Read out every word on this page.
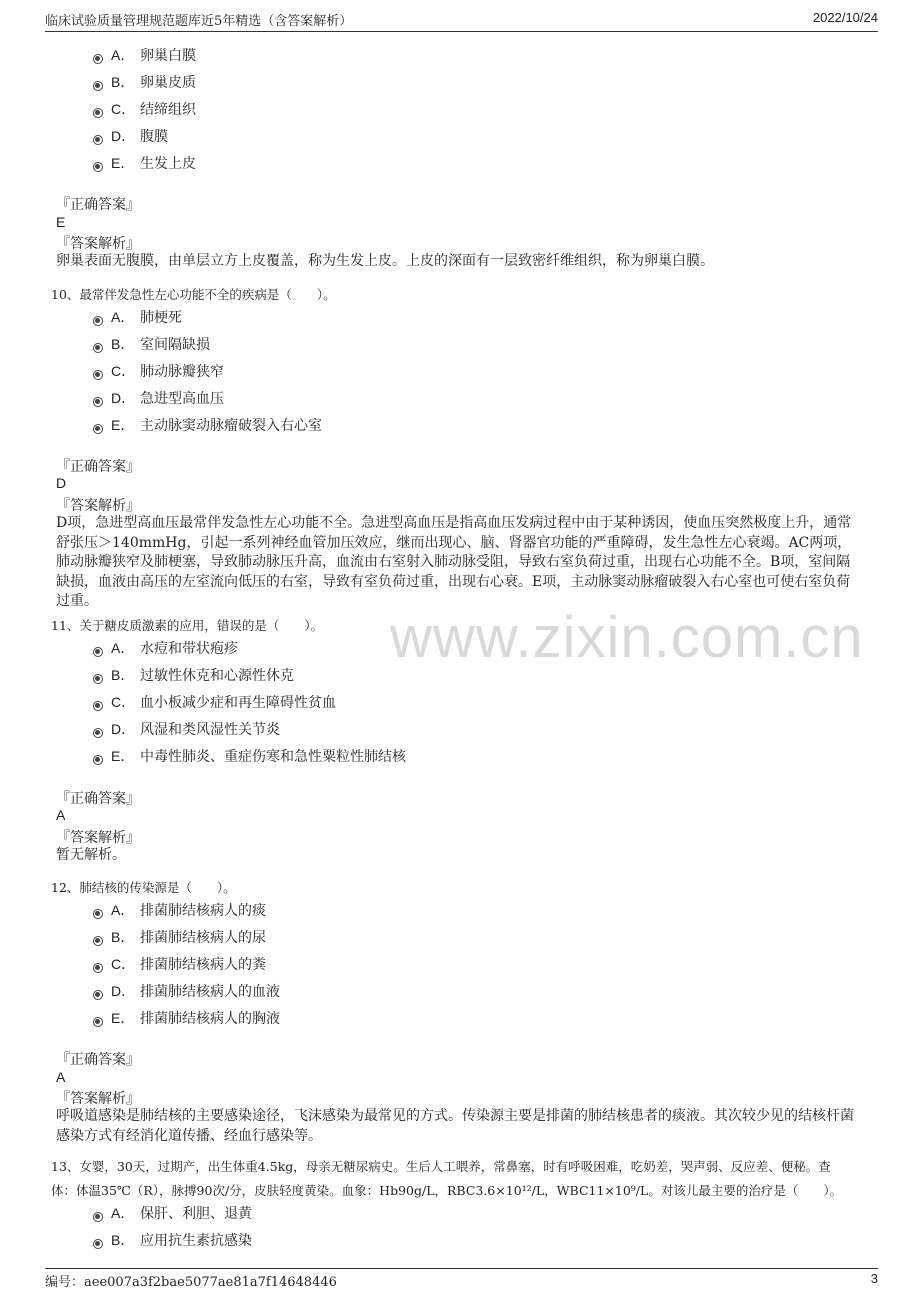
临床试验质量管理规范题库近5年精选（含答案解析）	2022/10/24
www.zixin.com.cn
A． 卵巢白膜
B． 卵巢皮质
C． 结缔组织
D． 腹膜
E． 生发上皮
『正确答案』
E
『答案解析』
卵巢表面无腹膜，由单层立方上皮覆盖，称为生发上皮。上皮的深面有一层致密纤维组织，称为卵巢白膜。
10、最常伴发急性左心功能不全的疾病是（　　）。
A． 肺梗死
B． 室间隔缺损
C． 肺动脉瓣狭窄
D． 急进型高血压
E． 主动脉窦动脉瘤破裂入右心室
『正确答案』
D
『答案解析』
D项，急进型高血压最常伴发急性左心功能不全。急进型高血压是指高血压发病过程中由于某种诱因，使血压突然极度上升，通常舒张压＞140mmHg，引起一系列神经血管加压效应，继而出现心、脑、肾器官功能的严重障碍，发生急性左心衰竭。AC两项，肺动脉瓣狭窄及肺梗塞，导致肺动脉压升高，血流由右室射入肺动脉受阻，导致右室负荷过重，出现右心功能不全。B项，室间隔缺损，血液由高压的左室流向低压的右室，导致有室负荷过重，出现右心衰。E项，主动脉窦动脉瘤破裂入右心室也可使右室负荷过重。
11、关于糖皮质激素的应用，错误的是（　　）。
A． 水痘和带状疱疹
B． 过敏性休克和心源性休克
C． 血小板减少症和再生障碍性贫血
D． 风湿和类风湿性关节炎
E． 中毒性肺炎、重症伤寒和急性粟粒性肺结核
『正确答案』
A
『答案解析』
暂无解析。
12、肺结核的传染源是（　　）。
A． 排菌肺结核病人的痰
B． 排菌肺结核病人的尿
C． 排菌肺结核病人的粪
D． 排菌肺结核病人的血液
E． 排菌肺结核病人的胸液
『正确答案』
A
『答案解析』
呼吸道感染是肺结核的主要感染途径，飞沫感染为最常见的方式。传染源主要是排菌的肺结核患者的痰液。其次较少见的结核杆菌感染方式有经消化道传播、经血行感染等。
13、女婴，30天，过期产，出生体重4.5kg，母亲无糖尿病史。生后人工喂养，常鼻塞，时有呼吸困难，吃奶差，哭声弱、反应差、便秘。查
体：体温35℃（R），脉搏90次/分，皮肤轻度黄染。血象：Hb90g/L，RBC3.6×10¹²/L，WBC11×10⁹/L。对该儿最主要的治疗是（　　）。
A． 保肝、利胆、退黄
B． 应用抗生素抗感染
编号：aee007a3f2bae5077ae81a7f14648446	3
